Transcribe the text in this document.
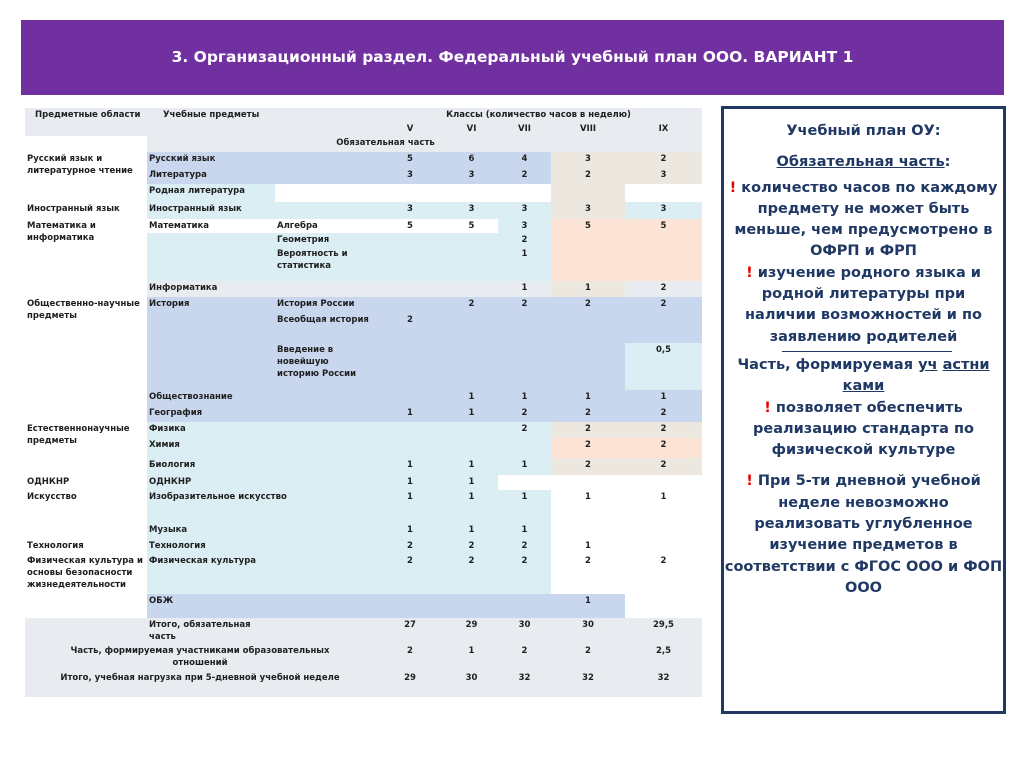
3. Организационный раздел. Федеральный учебный план ООО. ВАРИАНТ 1
Предметные области	Учебные предметы		Классы (количество часов в неделю)				
			V	VI	VII	VIII	IX
	Обязательная часть						
Русский язык и литературное чтение	Русский язык		5	6	4	3	2
	Литература		3	3	2	2	3
	Родная литература						
Иностранный язык	Иностранный язык		3	3	3	3	3
Математика и информатика	Математика	Алгебра	5	5	3	5	5
		Геометрия			2		
		Вероятность и статистика			1		
	Информатика				1	1	2
Общественно-научные предметы	История	История России		2	2	2	2
		Всеобщая история	2				
		Введение в новейшую историю России					0,5
	Обществознание			1	1	1	1
	География		1	1	2	2	2
Естественнонаучные предметы	Физика				2	2	2
	Химия					2	2
	Биология		1	1	1	2	2
ОДНКНР	ОДНКНР		1	1			
Искусство	Изобразительное искусство		1	1	1	1	1
	Музыка		1	1	1		
Технология	Технология		2	2	2	1	
Физическая культура и основы безопасности жизнедеятельности	Физическая культура		2	2	2	2	2
	ОБЖ					1	
	Итого, обязательная часть		27	29	30	30	29,5
Часть, формируемая участниками образовательных отношений			2	1	2	2	2,5
Итого, учебная нагрузка при 5-дневной учебной неделе			29	30	32	32	32

Учебный план ОУ:

Обязательная часть:

! количество часов по каждому предмету не может быть меньше, чем предусмотрено в ОФРП и ФРП

! изучение родного языка и родной литературы при наличии возможностей и по заявлению родителей

Часть, формируемая уч астни ками

! позволяет обеспечить реализацию стандарта по физической культуре

! При 5-ти дневной учебной неделе невозможно реализовать углубленное изучение предметов в соответствии с ФГОС ООО и ФОП ООО
